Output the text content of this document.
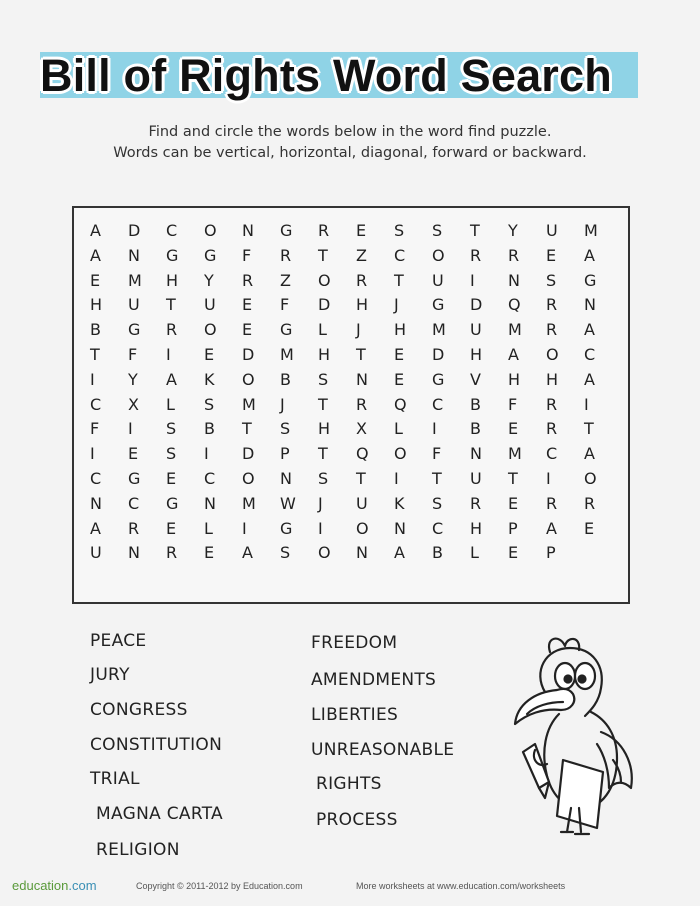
Bill of Rights Word Search
Find and circle the words below in the word find puzzle.
Words can be vertical, horizontal, diagonal, forward or backward.
A	D	C	O	N	G	R	E	S	S	T	Y	U	M
A	N	G	G	F	R	T	Z	C	O	R	R	E	A
E	M	H	Y	R	Z	O	R	T	U	I	N	S	G
H	U	T	U	E	F	D	H	J	G	D	Q	R	N
B	G	R	O	E	G	L	J	H	M	U	M	R	A
T	F	I	E	D	M	H	T	E	D	H	A	O	C
I	Y	A	K	O	B	S	N	E	G	V	H	H	A
C	X	L	S	M	J	T	R	Q	C	B	F	R	I
F	I	S	B	T	S	H	X	L	I	B	E	R	T
I	E	S	I	D	P	T	Q	O	F	N	M	C	A
C	G	E	C	O	N	S	T	I	T	U	T	I	O
N	C	G	N	M	W	J	U	K	S	R	E	R	R
A	R	E	L	I	G	I	O	N	C	H	P	A	E
U	N	R	E	A	S	O	N	A	B	L	E	P
PEACE
JURY
CONGRESS
CONSTITUTION
TRIAL
MAGNA CARTA
RELIGION
FREEDOM
AMENDMENTS
LIBERTIES
UNREASONABLE
RIGHTS
PROCESS
education.com	Copyright © 2011-2012 by Education.com	More worksheets at www.education.com/worksheets
